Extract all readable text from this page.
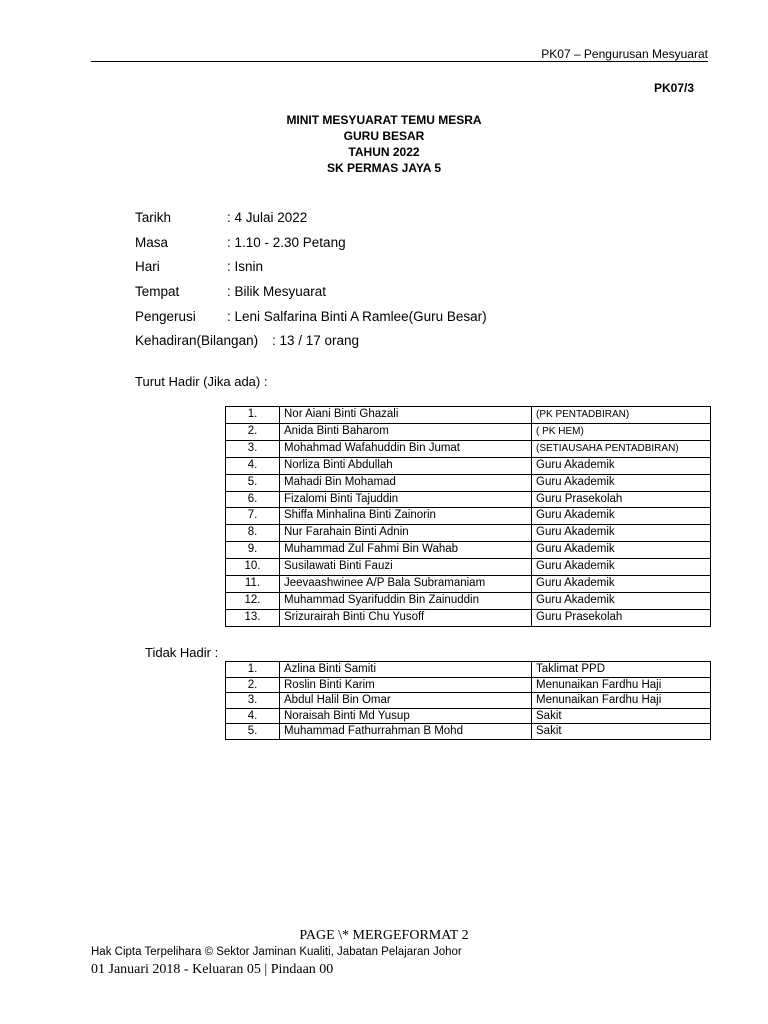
PK07 – Pengurusan Mesyuarat
PK07/3
MINIT MESYUARAT TEMU MESRA
GURU BESAR
TAHUN 2022
SK PERMAS JAYA 5
Tarikh	: 4 Julai 2022
Masa	: 1.10 - 2.30 Petang
Hari	: Isnin
Tempat	: Bilik Mesyuarat
Pengerusi : Leni Salfarina Binti A Ramlee(Guru Besar)
Kehadiran(Bilangan) : 13 / 17 orang
Turut Hadir (Jika ada) :
1.	Nor Aiani Binti Ghazali	(PK PENTADBIRAN)
2.	Anida Binti Baharom	( PK HEM)
3.	Mohahmad Wafahuddin Bin Jumat	(SETIAUSAHA PENTADBIRAN)
4.	Norliza Binti Abdullah	Guru Akademik
5.	Mahadi Bin Mohamad	Guru Akademik
6.	Fizalomi Binti Tajuddin	Guru Prasekolah
7.	Shiffa Minhalina Binti Zainorin	Guru Akademik
8.	Nur Farahain Binti Adnin	Guru Akademik
9.	Muhammad Zul Fahmi Bin Wahab	Guru Akademik
10.	Susilawati Binti Fauzi	Guru Akademik
11.	Jeevaashwinee A/P Bala Subramaniam	Guru Akademik
12.	Muhammad Syarifuddin Bin Zainuddin	Guru Akademik
13.	Srizurairah Binti Chu Yusoff	Guru Prasekolah
Tidak Hadir :
1.	Azlina Binti Samiti	Taklimat PPD
2.	Roslin Binti Karim	Menunaikan Fardhu Haji
3.	Abdul Halil Bin Omar	Menunaikan Fardhu Haji
4.	Noraisah Binti Md Yusup	Sakit
5.	Muhammad Fathurrahman B Mohd	Sakit
PAGE \* MERGEFORMAT 2
Hak Cipta Terpelihara © Sektor Jaminan Kualiti, Jabatan Pelajaran Johor
01 Januari 2018 - Keluaran 05 | Pindaan 00
